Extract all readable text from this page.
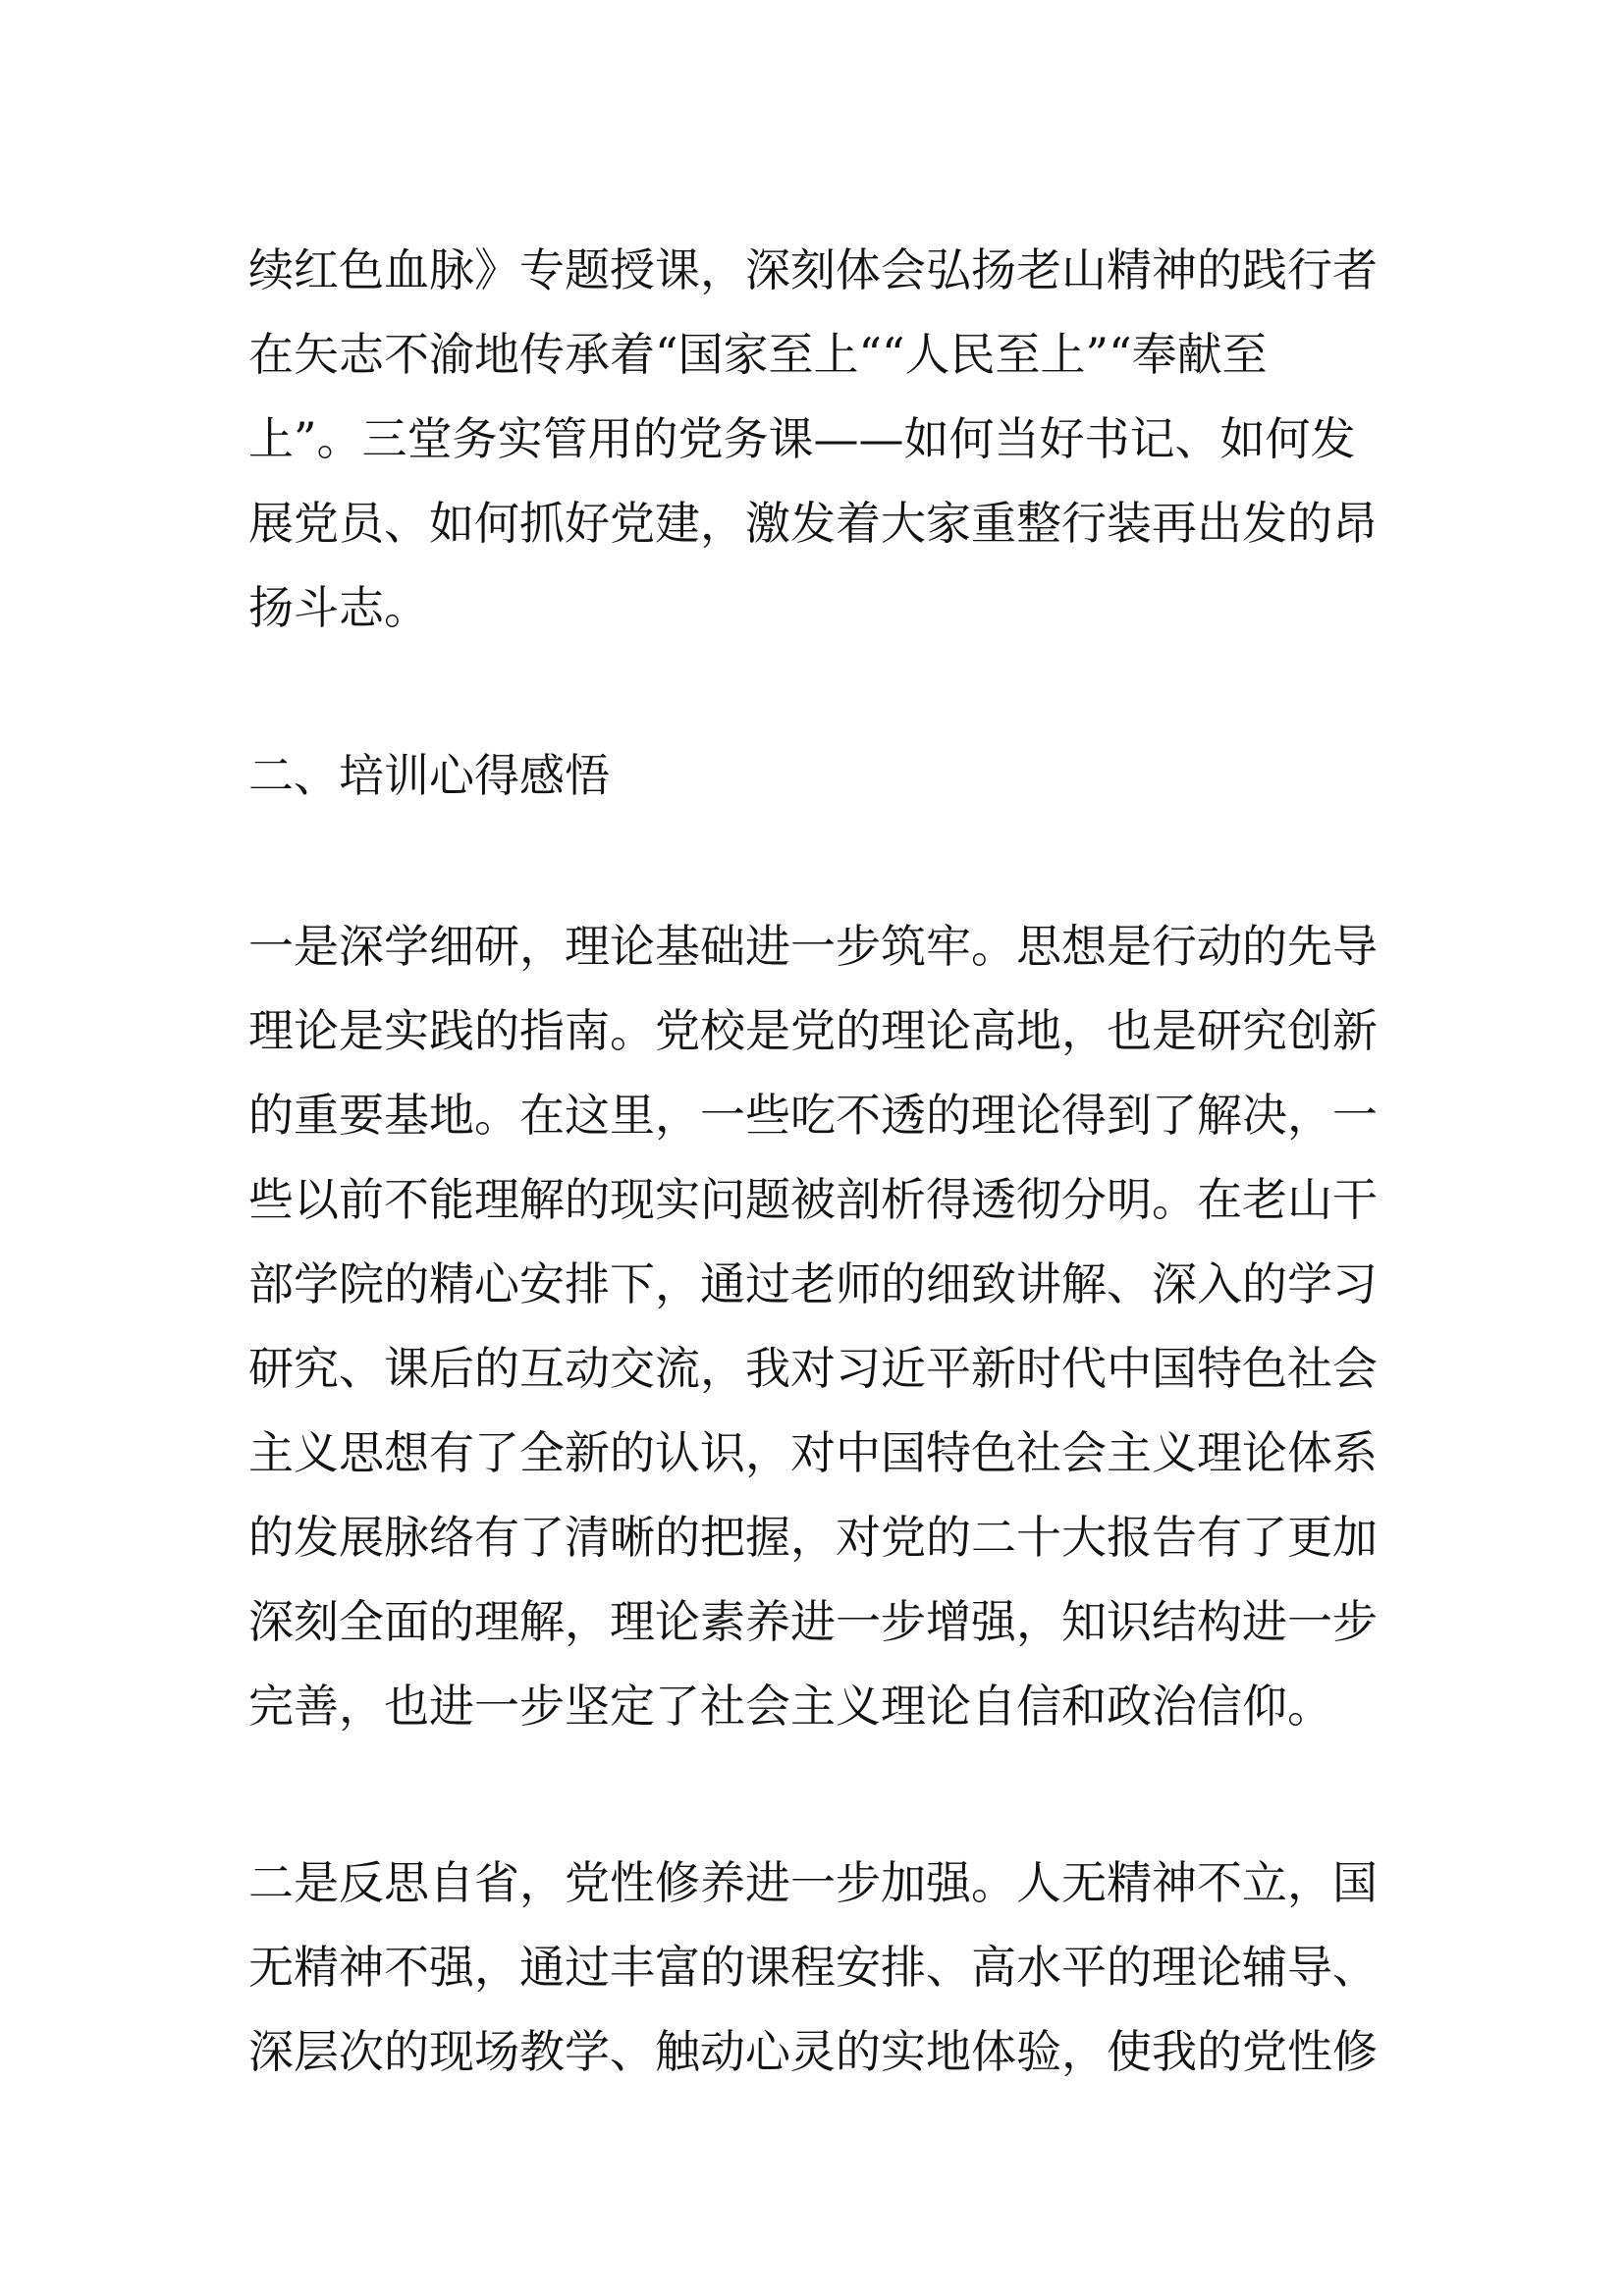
续红色血脉》专题授课，深刻体会弘扬老山精神的践行者
在矢志不渝地传承着“国家至上““人民至上”“奉献至
上”。三堂务实管用的党务课——如何当好书记、如何发
展党员、如何抓好党建，激发着大家重整行装再出发的昂
扬斗志。
二、培训心得感悟
一是深学细研，理论基础进一步筑牢。思想是行动的先导
理论是实践的指南。党校是党的理论高地，也是研究创新
的重要基地。在这里，一些吃不透的理论得到了解决，一
些以前不能理解的现实问题被剖析得透彻分明。在老山干
部学院的精心安排下，通过老师的细致讲解、深入的学习
研究、课后的互动交流，我对习近平新时代中国特色社会
主义思想有了全新的认识，对中国特色社会主义理论体系
的发展脉络有了清晰的把握，对党的二十大报告有了更加
深刻全面的理解，理论素养进一步增强，知识结构进一步
完善，也进一步坚定了社会主义理论自信和政治信仰。
二是反思自省，党性修养进一步加强。人无精神不立，国
无精神不强，通过丰富的课程安排、高水平的理论辅导、
深层次的现场教学、触动心灵的实地体验，使我的党性修
